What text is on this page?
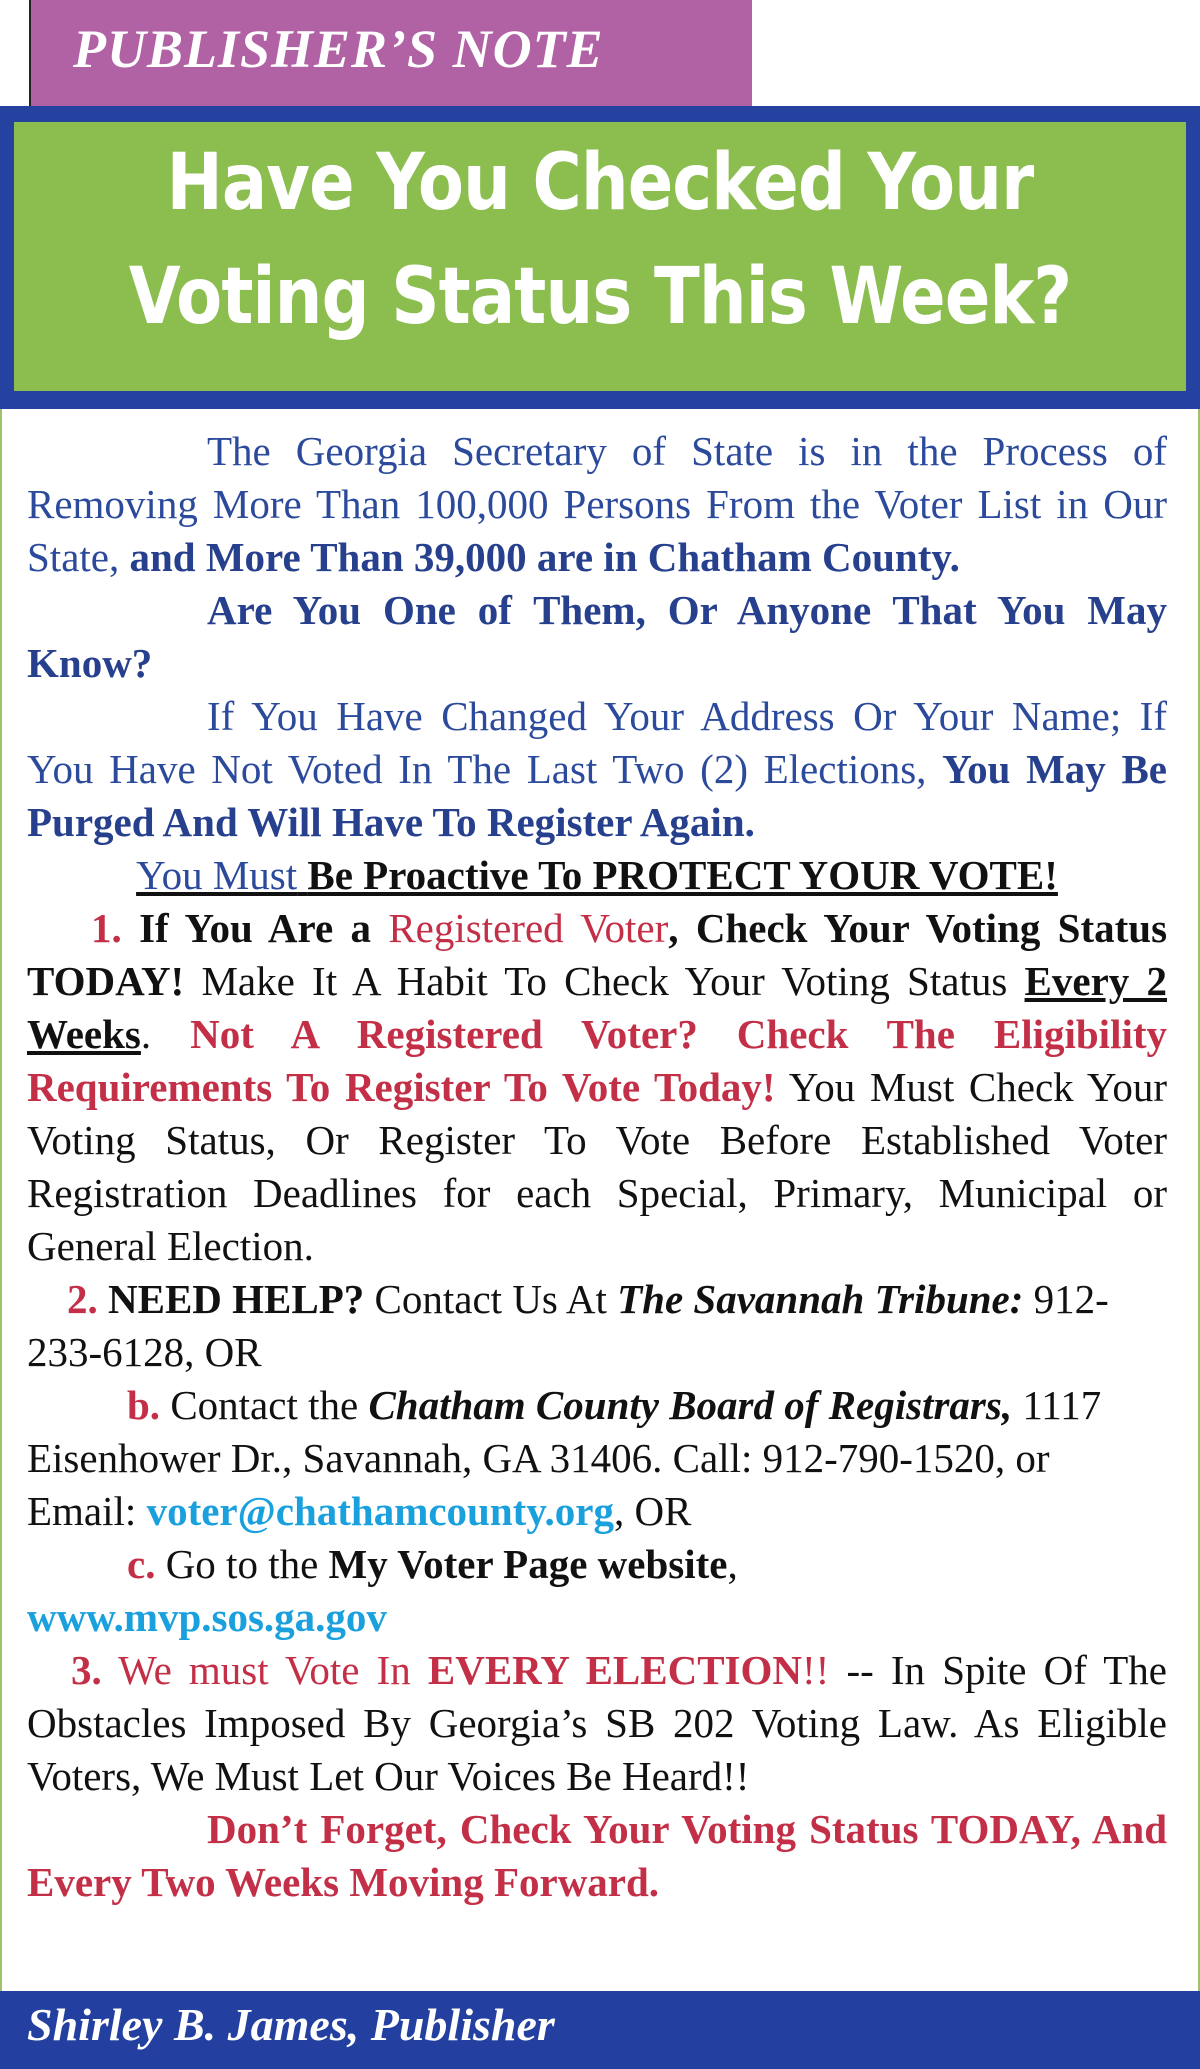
PUBLISHER’S NOTE
Have You Checked Your
Voting Status This Week?

The Georgia Secretary of State is in the Process of Removing More Than 100,000 Persons From the Voter List in Our State, and More Than 39,000 are in Chatham County.

Are You One of Them, Or Anyone That You May Know?

If You Have Changed Your Address Or Your Name; If You Have Not Voted In The Last Two (2) Elections, You May Be Purged And Will Have To Register Again.

You Must Be Proactive To PROTECT YOUR VOTE!

1. If You Are a Registered Voter, Check Your Voting Status TODAY! Make It A Habit To Check Your Voting Status Every 2 Weeks. Not A Registered Voter? Check The Eligibility Requirements To Register To Vote Today! You Must Check Your Voting Status, Or Register To Vote Before Established Voter Registration Deadlines for each Special, Primary, Municipal or General Election.

2. NEED HELP? Contact Us At The Savannah Tribune: 912-233-6128, OR

b. Contact the Chatham County Board of Registrars, 1117 Eisenhower Dr., Savannah, GA 31406. Call: 912-790-1520, or Email: voter@chathamcounty.org, OR

c. Go to the My Voter Page website,

www.mvp.sos.ga.gov

3. We must Vote In EVERY ELECTION!! -- In Spite Of The Obstacles Imposed By Georgia’s SB 202 Voting Law. As Eligible Voters, We Must Let Our Voices Be Heard!!

Don’t Forget, Check Your Voting Status TODAY, And Every Two Weeks Moving Forward.

Shirley B. James, Publisher
